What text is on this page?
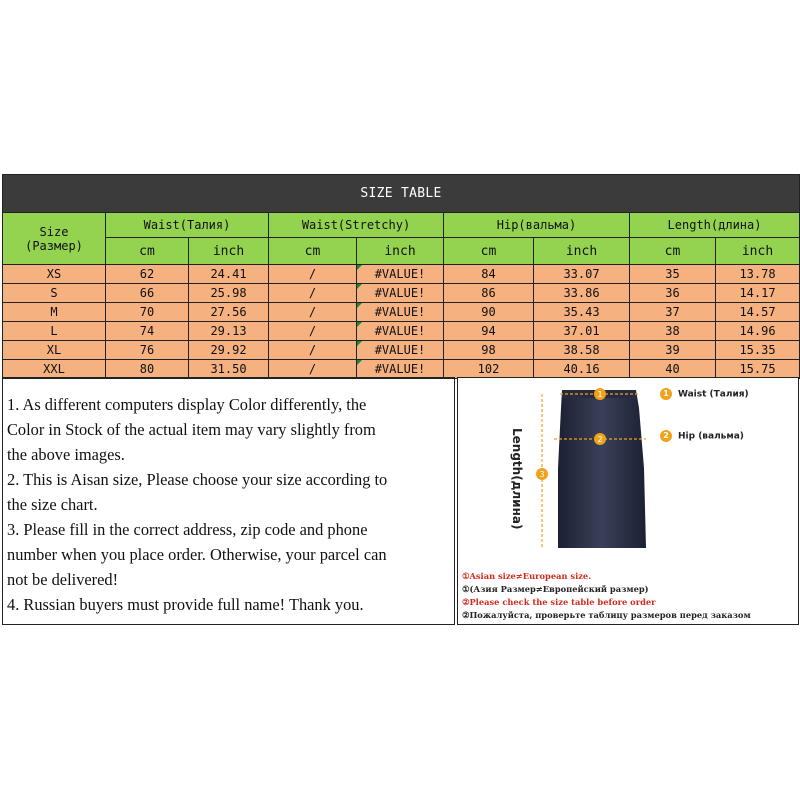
SIZE TABLE								

Size
(Размер)	Waist(Талия)		Waist(Stretchy)		Hip(вальма)		Length(длина)	
	cm	inch	cm	inch	cm	inch	cm	inch
XS	62	24.41	/	#VALUE!	84	33.07	35	13.78
S	66	25.98	/	#VALUE!	86	33.86	36	14.17
M	70	27.56	/	#VALUE!	90	35.43	37	14.57
L	74	29.13	/	#VALUE!	94	37.01	38	14.96
XL	76	29.92	/	#VALUE!	98	38.58	39	15.35
XXL	80	31.50	/	#VALUE!	102	40.16	40	15.75

1. As different computers display Color differently, the

Color in Stock of the actual item may vary slightly from

the above images.

2. This is Aisan size, Please choose your size according to

the size chart.

3. Please fill in the correct address, zip code and phone

number when you place order. Otherwise, your parcel can

not be delivered!

4. Russian buyers must provide full name! Thank you.

1
2
3
1 Waist (Талия)
2 Hip (вальма)
Length(длина)
①Asian size≠European size.
①(Азия Размер≠Европейский размер)
②Please check the size table before order
②Пожалуйста, проверьте таблицу размеров перед заказом
